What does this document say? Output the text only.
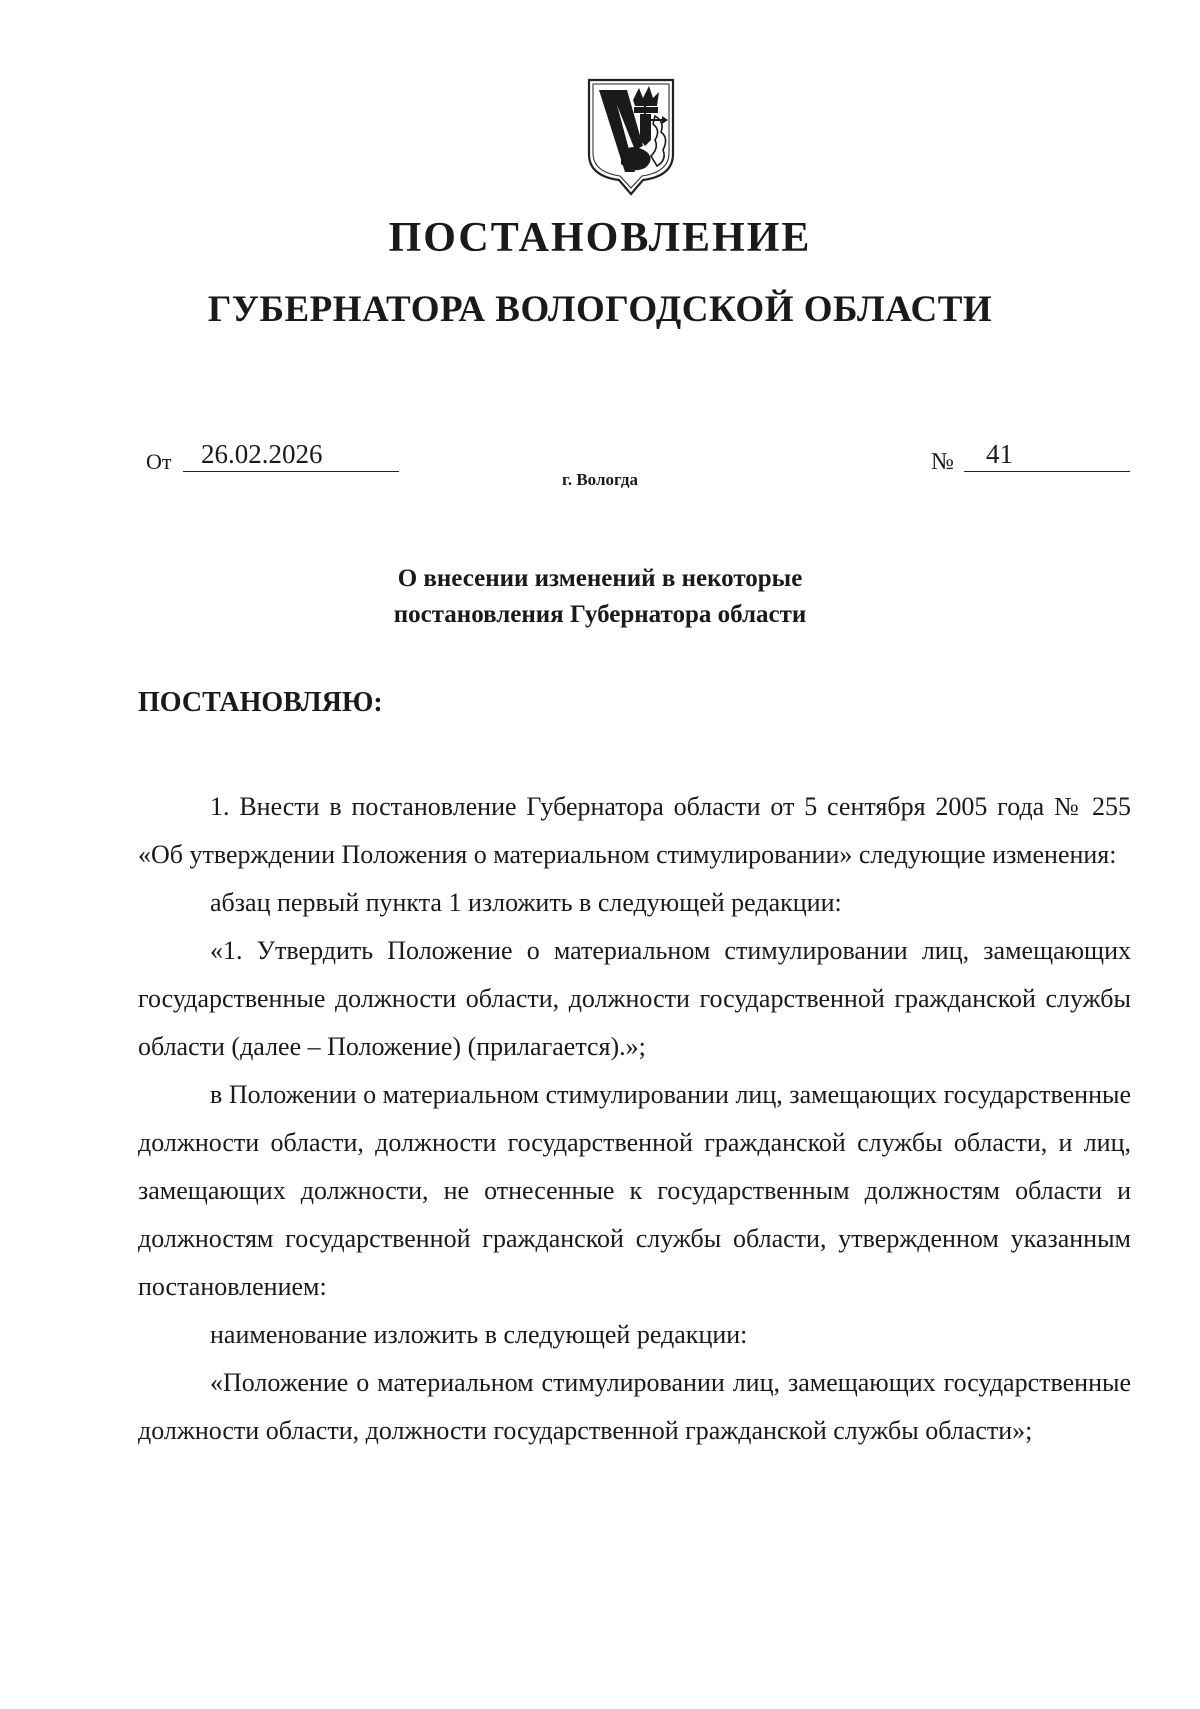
ПОСТАНОВЛЕНИЕ
ГУБЕРНАТОРА ВОЛОГОДСКОЙ ОБЛАСТИ
От 26.02.2026	№ 41
г. Вологда
О внесении изменений в некоторые
постановления Губернатора области
ПОСТАНОВЛЯЮ:

1. Внести в постановление Губернатора области от 5 сентября 2005 года № 255 «Об утверждении Положения о материальном стимулировании» следующие изменения:

абзац первый пункта 1 изложить в следующей редакции:

«1. Утвердить Положение о материальном стимулировании лиц, замещающих государственные должности области, должности государственной гражданской службы области (далее – Положение) (прилагается).»;

в Положении о материальном стимулировании лиц, замещающих государственные должности области, должности государственной гражданской службы области, и лиц, замещающих должности, не отнесенные к государственным должностям области и должностям государственной гражданской службы области, утвержденном указанным постановлением:

наименование изложить в следующей редакции:

«Положение о материальном стимулировании лиц, замещающих государственные должности области, должности государственной гражданской службы области»;
